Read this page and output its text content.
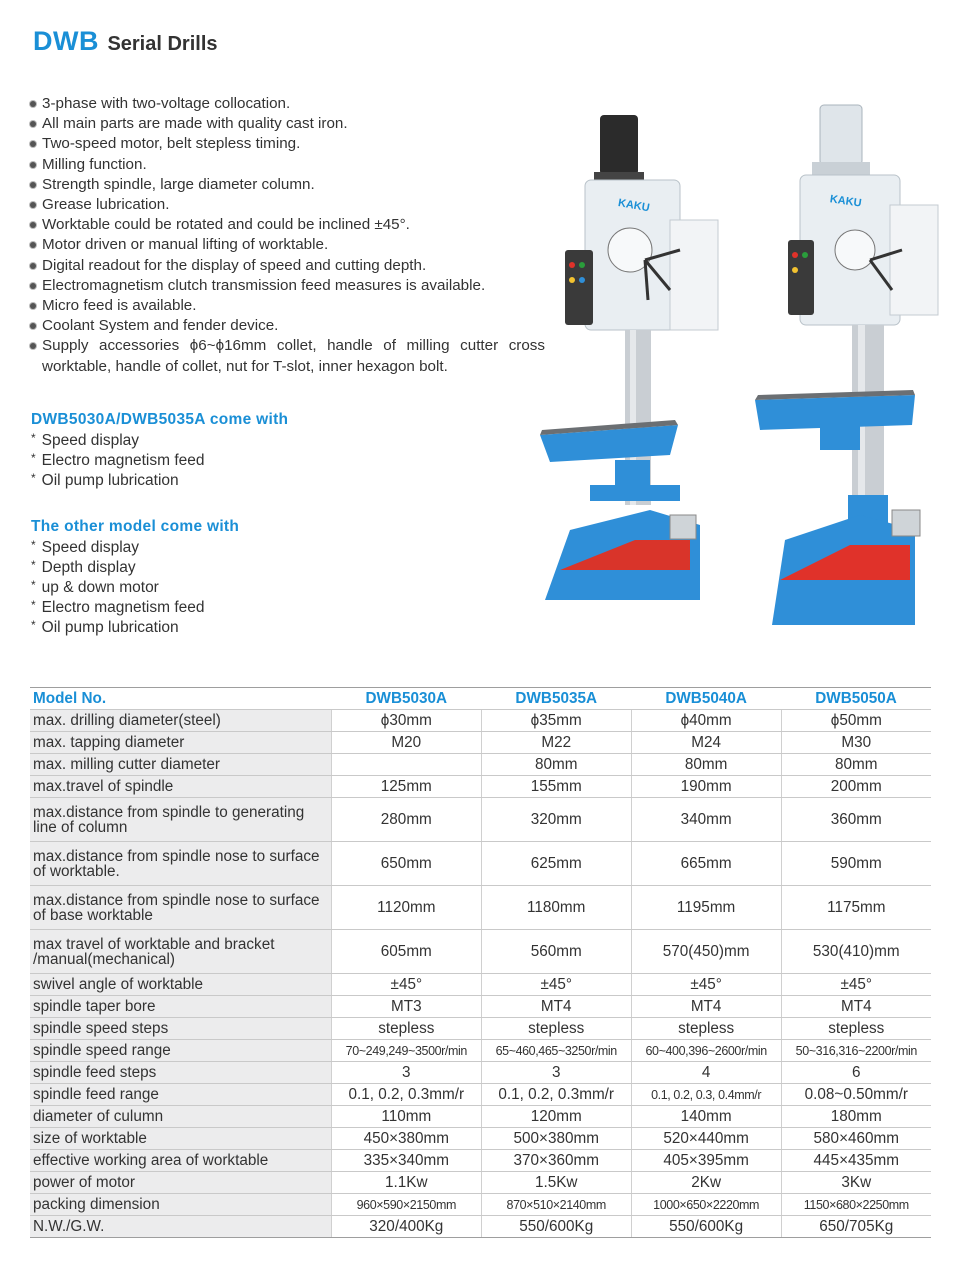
DWB Serial Drills
3-phase with two-voltage collocation.
All main parts are made with quality cast iron.
Two-speed motor, belt stepless timing.
Milling function.
Strength spindle, large diameter column.
Grease lubrication.
Worktable could be rotated and could be inclined ±45°.
Motor driven or manual lifting of worktable.
Digital readout for the display of speed and cutting depth.
Electromagnetism clutch transmission feed measures is available.
Micro feed is available.
Coolant System and fender device.
Supply accessories ϕ6~ϕ16mm collet, handle of milling cutter cross worktable, handle of collet, nut for T-slot, inner hexagon bolt.
DWB5030A/DWB5035A come with
* Speed display
* Electro magnetism feed
* Oil pump lubrication
The other model come with
* Speed display
* Depth display
* up & down motor
* Electro magnetism feed
* Oil pump lubrication
KAKU	KAKU
Model No.	DWB5030A	DWB5035A	DWB5040A	DWB5050A
max. drilling diameter(steel)	ϕ30mm	ϕ35mm	ϕ40mm	ϕ50mm
max. tapping diameter	M20	M22	M24	M30
max. milling cutter diameter		80mm	80mm	80mm
max.travel of spindle	125mm	155mm	190mm	200mm
max.distance from spindle to generating line of column	280mm	320mm	340mm	360mm
max.distance from spindle nose to surface of worktable.	650mm	625mm	665mm	590mm
max.distance from spindle nose to surface of base worktable	1120mm	1180mm	1195mm	1175mm
max travel of worktable and bracket /manual(mechanical)	605mm	560mm	570(450)mm	530(410)mm
swivel angle of worktable	±45°	±45°	±45°	±45°
spindle taper bore	MT3	MT4	MT4	MT4
spindle speed steps	stepless	stepless	stepless	stepless
spindle speed range	70~249,249~3500r/min	65~460,465~3250r/min	60~400,396~2600r/min	50~316,316~2200r/min
spindle feed steps	3	3	4	6
spindle feed range	0.1, 0.2, 0.3mm/r	0.1, 0.2, 0.3mm/r	0.1, 0.2, 0.3, 0.4mm/r	0.08~0.50mm/r
diameter of culumn	110mm	120mm	140mm	180mm
size of worktable	450×380mm	500×380mm	520×440mm	580×460mm
effective working area of worktable	335×340mm	370×360mm	405×395mm	445×435mm
power of motor	1.1Kw	1.5Kw	2Kw	3Kw
packing dimension	960×590×2150mm	870×510×2140mm	1000×650×2220mm	1150×680×2250mm
N.W./G.W.	320/400Kg	550/600Kg	550/600Kg	650/705Kg
